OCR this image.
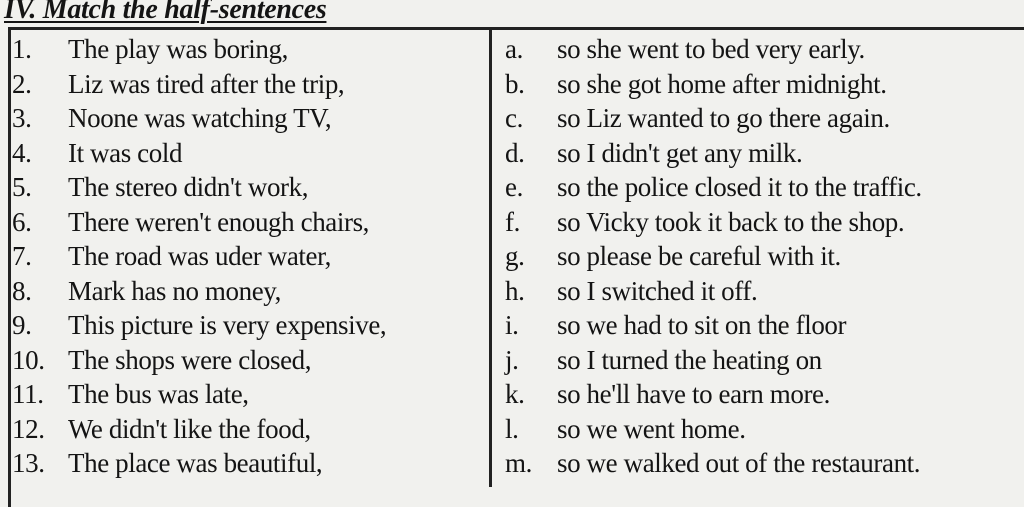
IV. Match the half-sentences
1. The play was boring,
2. Liz was tired after the trip,
3. Noone was watching TV,
4. It was cold
5. The stereo didn't work,
6. There weren't enough chairs,
7. The road was uder water,
8. Mark has no money,
9. This picture is very expensive,
10. The shops were closed,
11. The bus was late,
12. We didn't like the food,
13. The place was beautiful,
a. so she went to bed very early.
b. so she got home after midnight.
c. so Liz wanted to go there again.
d. so I didn't get any milk.
e. so the police closed it to the traffic.
f. so Vicky took it back to the shop.
g. so please be careful with it.
h. so I switched it off.
i. so we had to sit on the floor
j. so I turned the heating on
k. so he'll have to earn more.
l. so we went home.
m. so we walked out of the restaurant.
